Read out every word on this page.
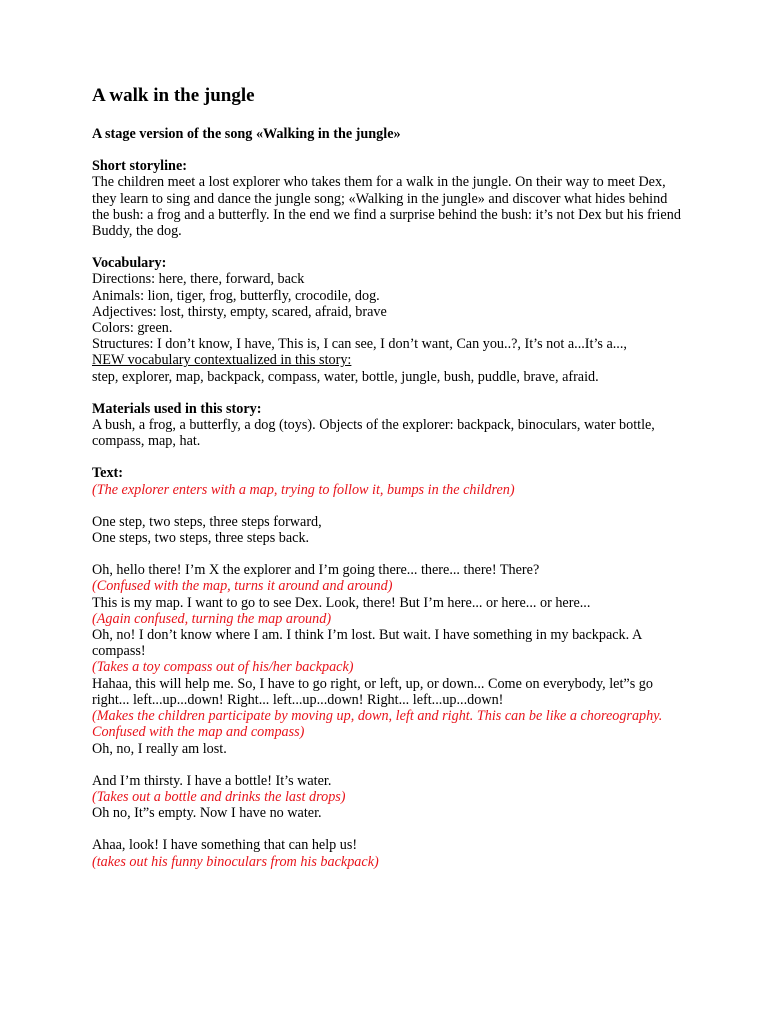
A walk in the jungle
A stage version of the song «Walking in the jungle»
Short storyline:
The children meet a lost explorer who takes them for a walk in the jungle. On their way to meet Dex, they learn to sing and dance the jungle song; «Walking in the jungle» and discover what hides behind the bush: a frog and a butterfly. In the end we find a surprise behind the bush: it’s not Dex but his friend Buddy, the dog.
Vocabulary:
Directions: here, there, forward, back
Animals: lion, tiger, frog, butterfly, crocodile, dog.
Adjectives: lost, thirsty, empty, scared, afraid, brave
Colors: green.
Structures: I don’t know, I have, This is, I can see, I don’t want, Can you..?, It’s not a...It’s a...,
NEW vocabulary contextualized in this story:
step, explorer, map, backpack, compass, water, bottle, jungle, bush, puddle, brave, afraid.
Materials used in this story:
A bush, a frog, a butterfly, a dog (toys). Objects of the explorer: backpack, binoculars, water bottle, compass, map, hat.
Text:
(The explorer enters with a map, trying to follow it, bumps in the children)
One step, two steps, three steps forward,
One steps, two steps, three steps back.
Oh, hello there! I’m X the explorer and I’m going there... there... there! There?
(Confused with the map, turns it around and around)
This is my map. I want to go to see Dex. Look, there! But I’m here... or here... or here...
(Again confused, turning the map around)
Oh, no! I don’t know where I am. I think I’m lost. But wait. I have something in my backpack. A compass!
(Takes a toy compass out of his/her backpack)
Hahaa, this will help me. So, I have to go right, or left, up, or down... Come on everybody, let”s go right... left...up...down! Right... left...up...down! Right... left...up...down!
(Makes the children participate by moving up, down, left and right. This can be like a choreography. Confused with the map and compass)
Oh, no, I really am lost.
And I’m thirsty. I have a bottle! It’s water.
(Takes out a bottle and drinks the last drops)
Oh no, It”s empty. Now I have no water.
Ahaa, look! I have something that can help us!
(takes out his funny binoculars from his backpack)
